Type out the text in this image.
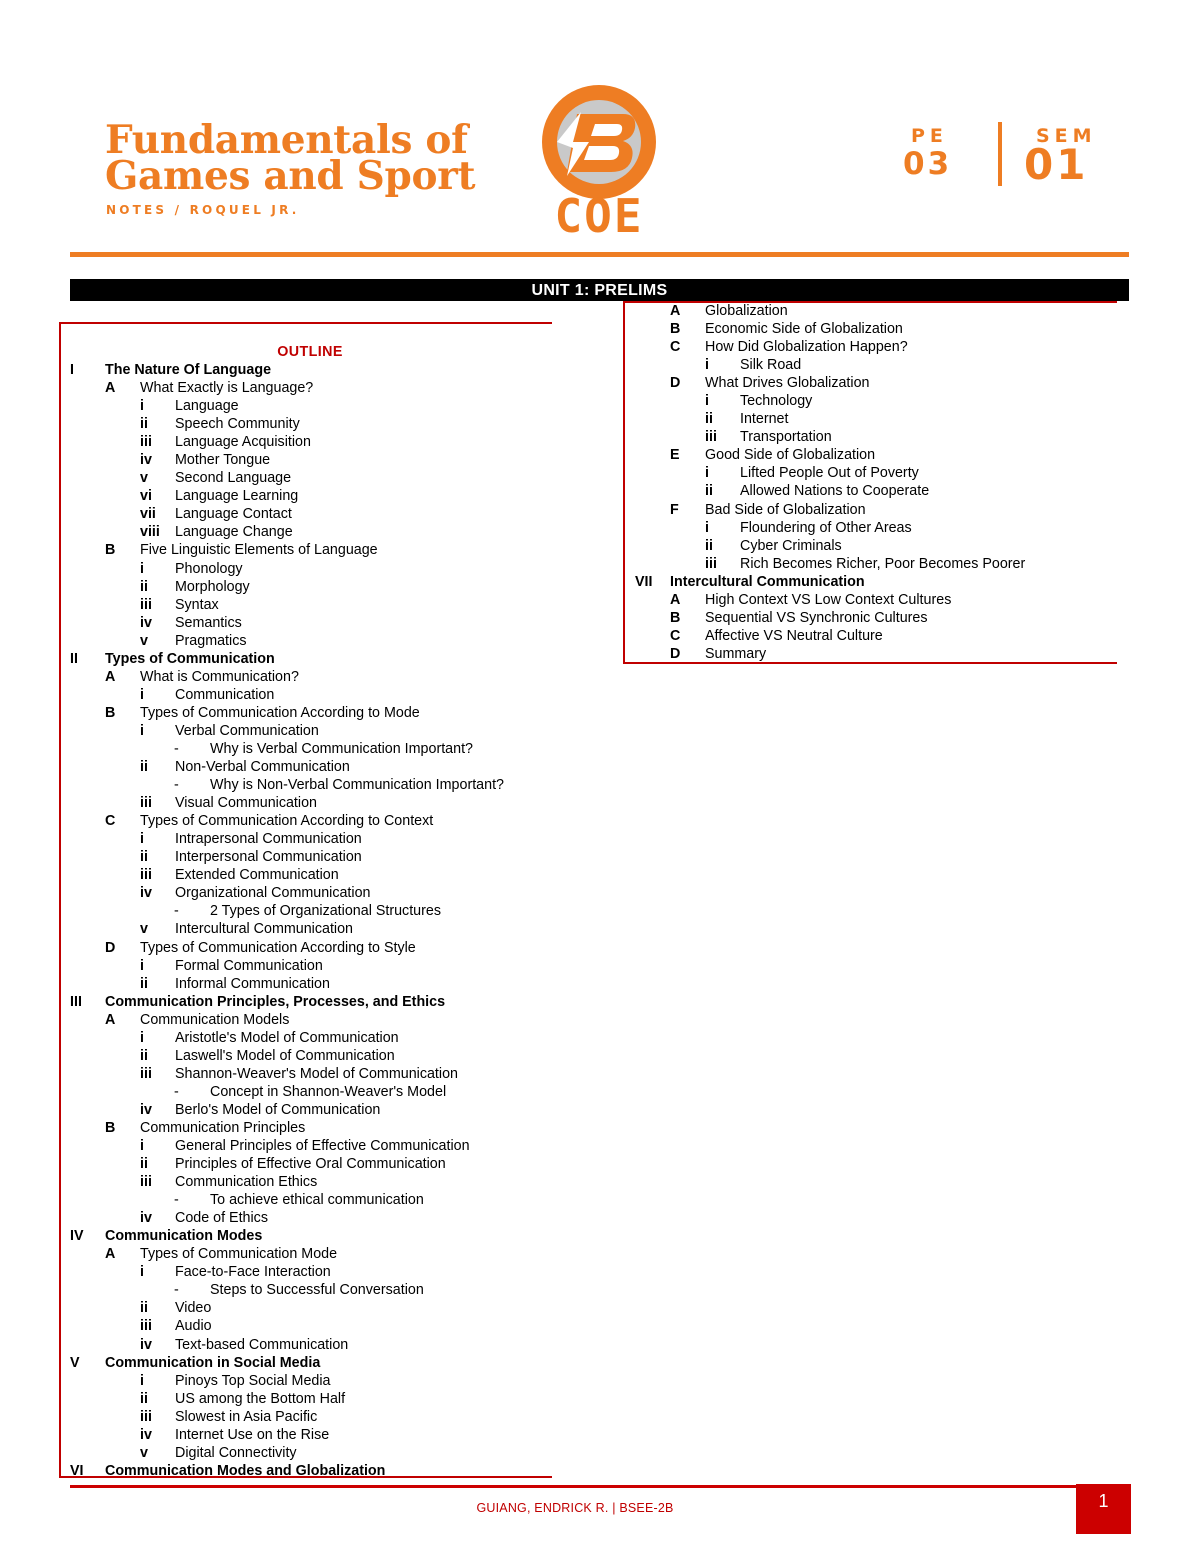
Fundamentals of
Games and Sport
NOTES / ROQUEL JR.	COE
PE
03
SEM
01
UNIT 1: PRELIMS
OUTLINE
I The Nature Of Language
A What Exactly is Language?
i Language
ii Speech Community
iii Language Acquisition
iv Mother Tongue
v Second Language
vi Language Learning
vii Language Contact
viii Language Change
B Five Linguistic Elements of Language
i Phonology
ii Morphology
iii Syntax
iv Semantics
v Pragmatics
II Types of Communication
A What is Communication?
i Communication
B Types of Communication According to Mode
i Verbal Communication
- Why is Verbal Communication Important?
ii Non-Verbal Communication
- Why is Non-Verbal Communication Important?
iii Visual Communication
C Types of Communication According to Context
i Intrapersonal Communication
ii Interpersonal Communication
iii Extended Communication
iv Organizational Communication
- 2 Types of Organizational Structures
v Intercultural Communication
D Types of Communication According to Style
i Formal Communication
ii Informal Communication
III Communication Principles, Processes, and Ethics
A Communication Models
i Aristotle's Model of Communication
ii Laswell's Model of Communication
iii Shannon-Weaver's Model of Communication
- Concept in Shannon-Weaver's Model
iv Berlo's Model of Communication
B Communication Principles
i General Principles of Effective Communication
ii Principles of Effective Oral Communication
iii Communication Ethics
- To achieve ethical communication
iv Code of Ethics
IV Communication Modes
A Types of Communication Mode
i Face-to-Face Interaction
- Steps to Successful Conversation
ii Video
iii Audio
iv Text-based Communication
V Communication in Social Media
i Pinoys Top Social Media
ii US among the Bottom Half
iii Slowest in Asia Pacific
iv Internet Use on the Rise
v Digital Connectivity
VI Communication Modes and Globalization
A Globalization
B Economic Side of Globalization
C How Did Globalization Happen?
i Silk Road
D What Drives Globalization
i Technology
ii Internet
iii Transportation
E Good Side of Globalization
i Lifted People Out of Poverty
ii Allowed Nations to Cooperate
F Bad Side of Globalization
i Floundering of Other Areas
ii Cyber Criminals
iii Rich Becomes Richer, Poor Becomes Poorer
VII Intercultural Communication
A High Context VS Low Context Cultures
B Sequential VS Synchronic Cultures
C Affective VS Neutral Culture
D Summary
GUIANG, ENDRICK R. | BSEE-2B	1
